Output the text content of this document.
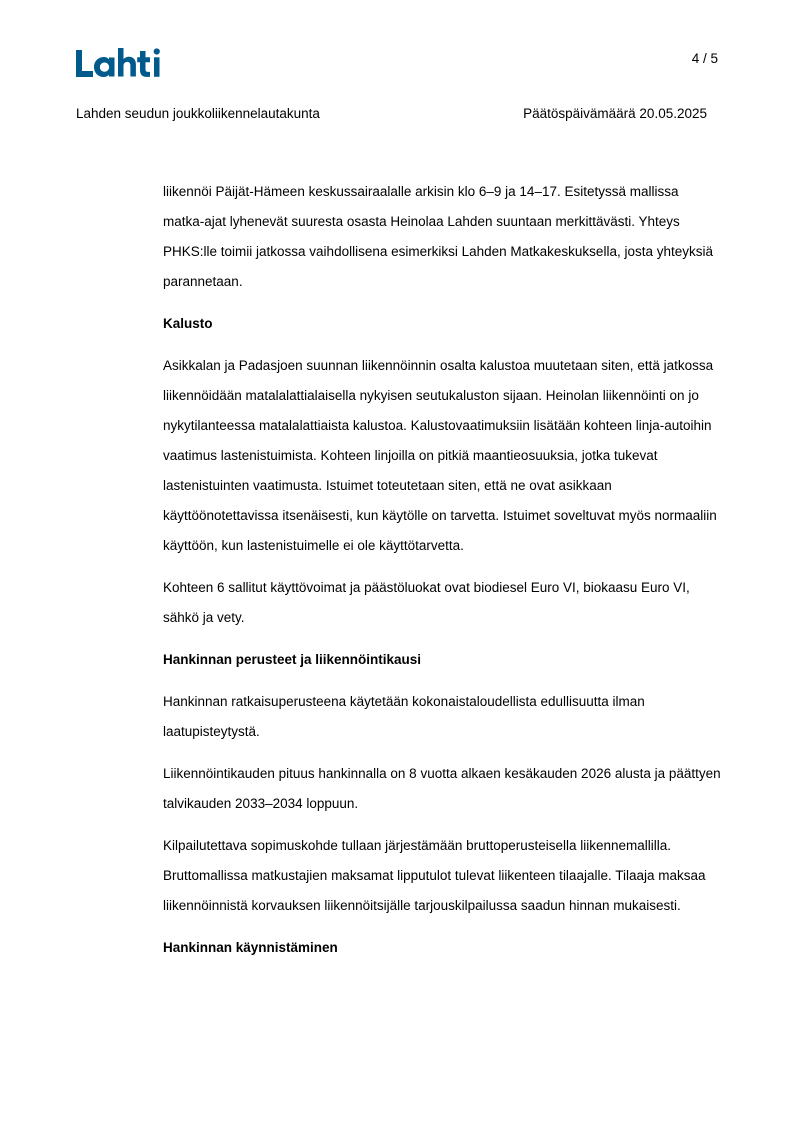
4 / 5
Lahden seudun joukkoliikennelautakunta	Päätöspäivämäärä 20.05.2025

liikennöi Päijät-Hämeen keskussairaalalle arkisin klo 6–9 ja 14–17. Esitetyssä mallissa matka-ajat lyhenevät suuresta osasta Heinolaa Lahden suuntaan merkittävästi. Yhteys PHKS:lle toimii jatkossa vaihdollisena esimerkiksi Lahden Matkakeskuksella, josta yhteyksiä parannetaan.

Kalusto

Asikkalan ja Padasjoen suunnan liikennöinnin osalta kalustoa muutetaan siten, että jatkossa liikennöidään matalalattialaisella nykyisen seutukaluston sijaan. Heinolan liikennöinti on jo nykytilanteessa matalalattiaista kalustoa. Kalustovaatimuksiin lisätään kohteen linja-autoihin vaatimus lastenistuimista. Kohteen linjoilla on pitkiä maantieosuuksia, jotka tukevat lastenistuinten vaatimusta. Istuimet toteutetaan siten, että ne ovat asikkaan käyttöönotettavissa itsenäisesti, kun käytölle on tarvetta. Istuimet soveltuvat myös normaaliin käyttöön, kun lastenistuimelle ei ole käyttötarvetta.

Kohteen 6 sallitut käyttövoimat ja päästöluokat ovat biodiesel Euro VI, biokaasu Euro VI, sähkö ja vety.

Hankinnan perusteet ja liikennöintikausi

Hankinnan ratkaisuperusteena käytetään kokonaistaloudellista edullisuutta ilman laatupisteytystä.

Liikennöintikauden pituus hankinnalla on 8 vuotta alkaen kesäkauden 2026 alusta ja päättyen talvikauden 2033–2034 loppuun.

Kilpailutettava sopimuskohde tullaan järjestämään bruttoperusteisella liikennemallilla. Bruttomallissa matkustajien maksamat lipputulot tulevat liikenteen tilaajalle. Tilaaja maksaa liikennöinnistä korvauksen liikennöitsijälle tarjouskilpailussa saadun hinnan mukaisesti.

Hankinnan käynnistäminen
